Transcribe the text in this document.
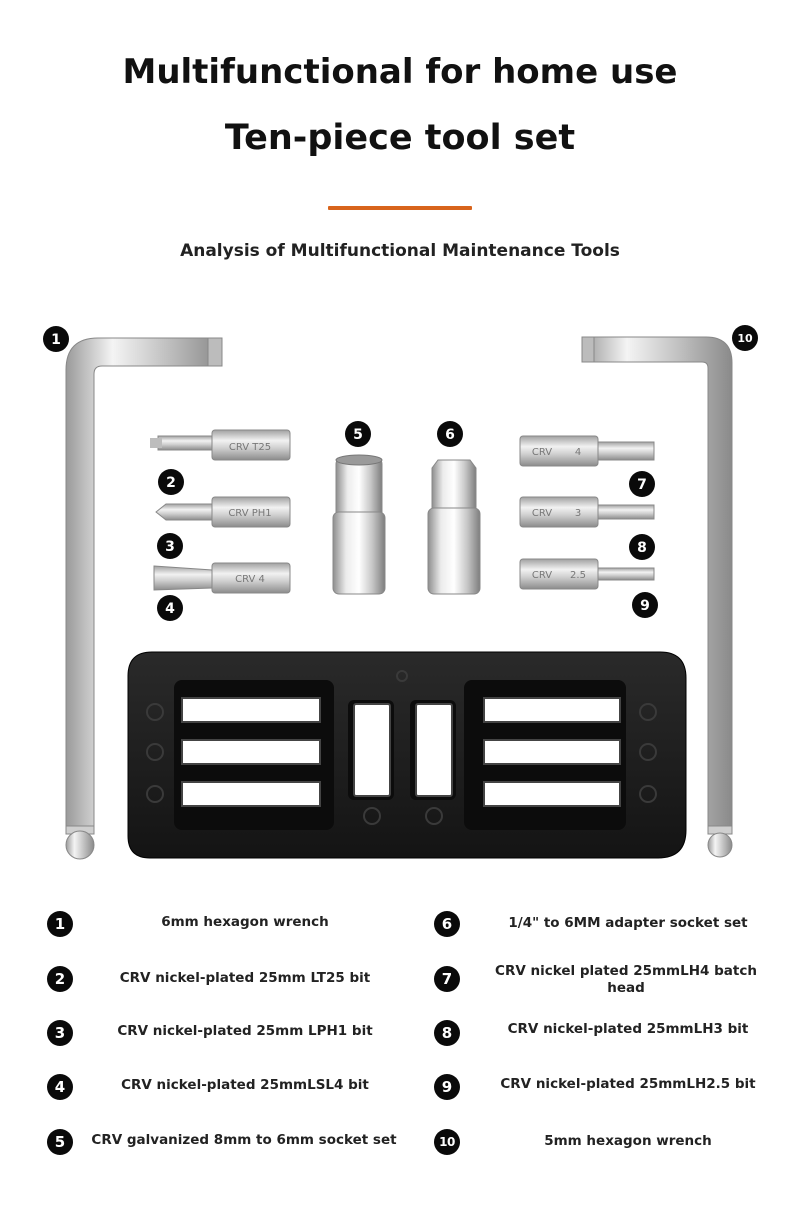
Multifunctional for home use
Ten-piece tool set
Analysis of Multifunctional Maintenance Tools
CRV T25
CRV PH1
CRV 4
CRV 4
CRV 3
CRV 2.5
1	10
2
3
4
5	6
7
8
9
1	6mm hexagon wrench
2	CRV nickel-plated 25mm LT25 bit
3	CRV nickel-plated 25mm LPH1 bit
4	CRV nickel-plated 25mmLSL4 bit
5	CRV galvanized 8mm to 6mm socket set
6	1/4" to 6MM adapter socket set
7	CRV nickel plated 25mmLH4 batch head
8	CRV nickel-plated 25mmLH3 bit
9	CRV nickel-plated 25mmLH2.5 bit
10	5mm hexagon wrench
